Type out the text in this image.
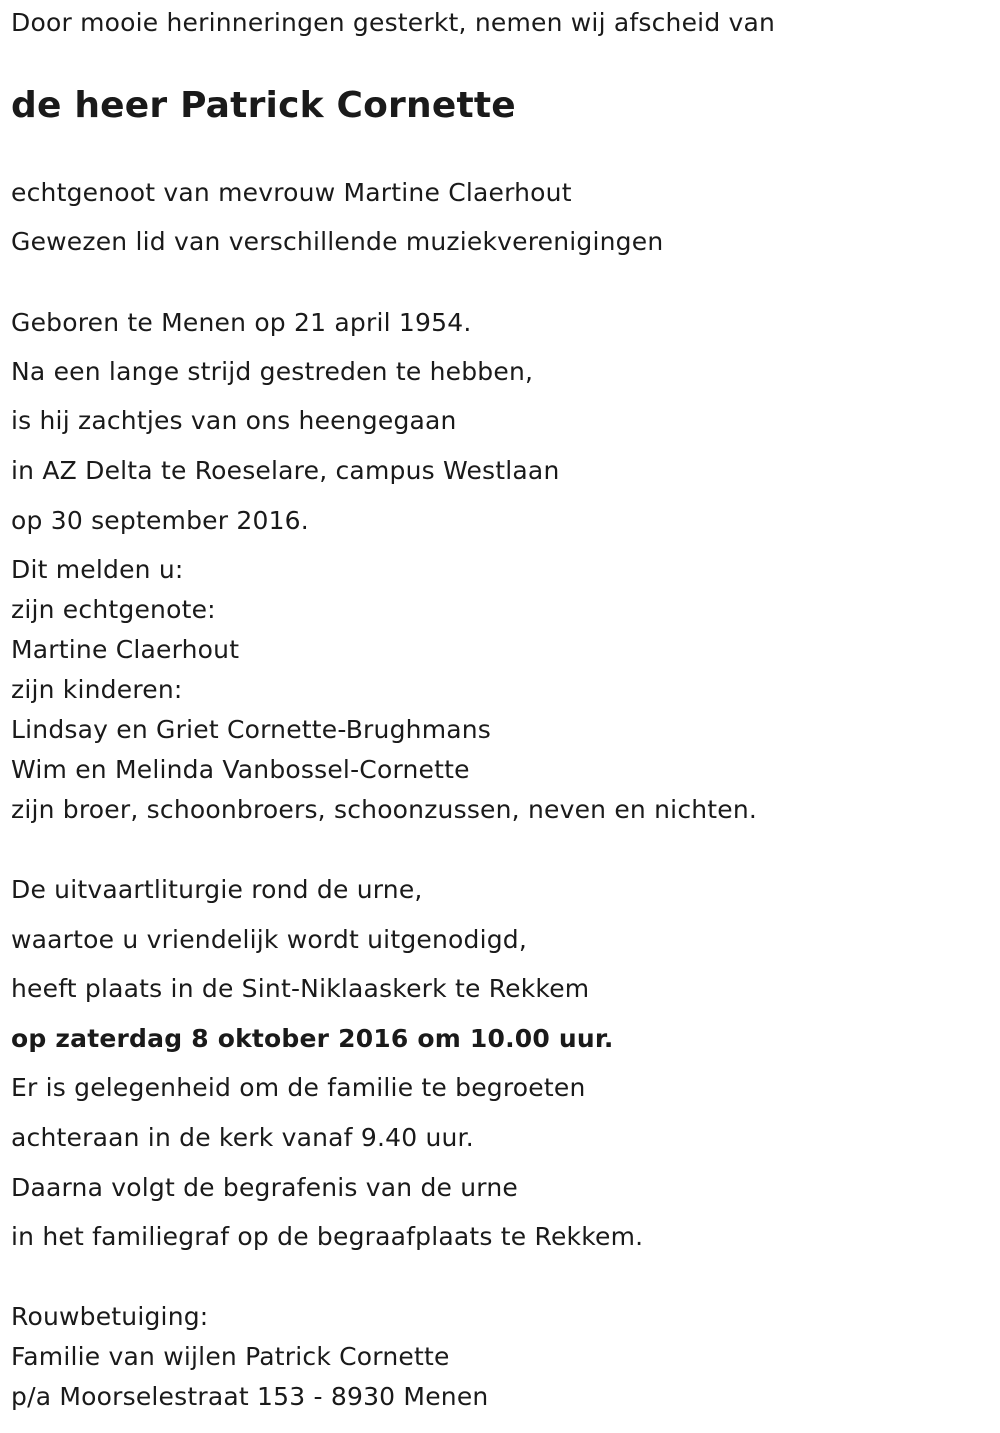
Door mooie herinneringen gesterkt, nemen wij afscheid van

de heer Patrick Cornette

echtgenoot van mevrouw Martine Claerhout

Gewezen lid van verschillende muziekverenigingen

Geboren te Menen op 21 april 1954.

Na een lange strijd gestreden te hebben,

is hij zachtjes van ons heengegaan

in AZ Delta te Roeselare, campus Westlaan

op 30 september 2016.

Dit melden u:

zijn echtgenote:

Martine Claerhout

zijn kinderen:

Lindsay en Griet Cornette-Brughmans

Wim en Melinda Vanbossel-Cornette

zijn broer, schoonbroers, schoonzussen, neven en nichten.

De uitvaartliturgie rond de urne,

waartoe u vriendelijk wordt uitgenodigd,

heeft plaats in de Sint-Niklaaskerk te Rekkem

op zaterdag 8 oktober 2016 om 10.00 uur.

Er is gelegenheid om de familie te begroeten

achteraan in de kerk vanaf 9.40 uur.

Daarna volgt de begrafenis van de urne

in het familiegraf op de begraafplaats te Rekkem.

Rouwbetuiging:

Familie van wijlen Patrick Cornette

p/a Moorselestraat 153 - 8930 Menen
